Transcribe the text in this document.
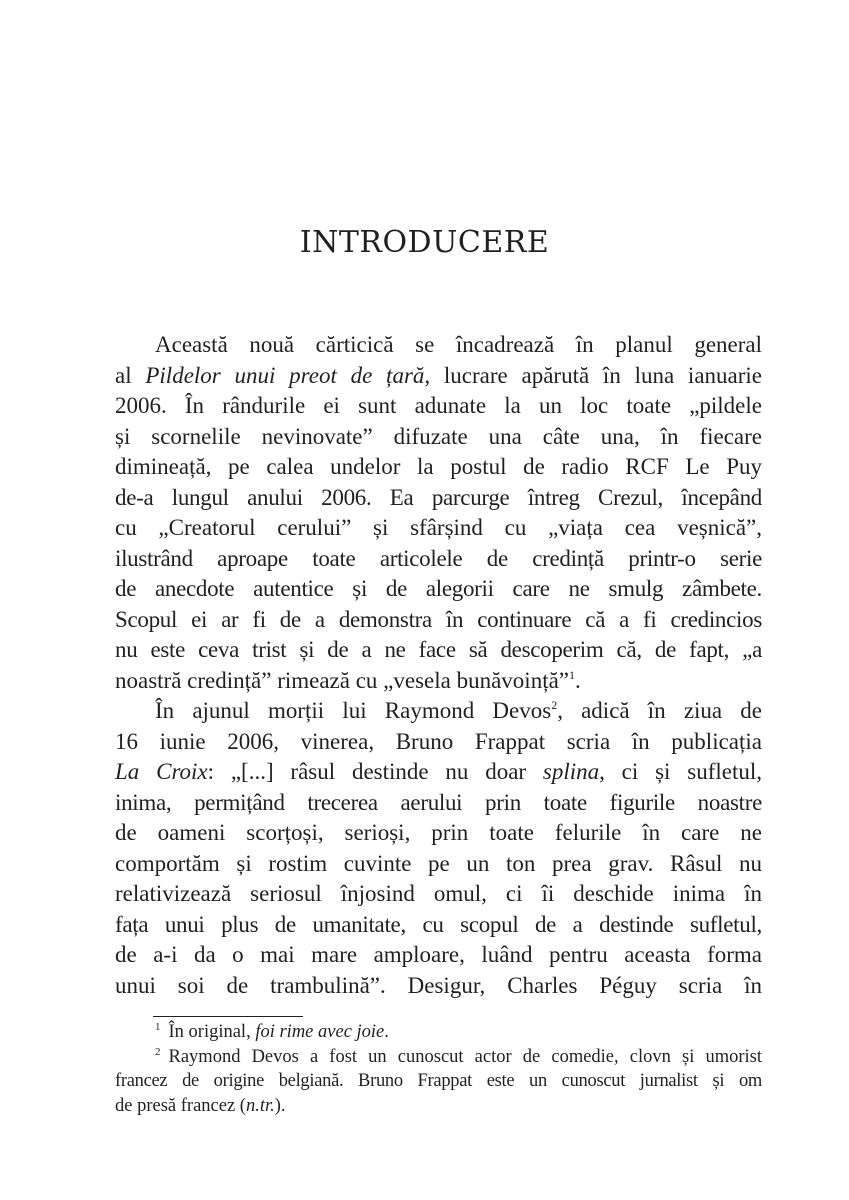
INTRODUCERE
Această nouă cărticică se încadrează în planul general
al Pildelor unui preot de țară, lucrare apărută în luna ianuarie
2006. În rândurile ei sunt adunate la un loc toate „pildele
și scornelile nevinovate” difuzate una câte una, în fiecare
dimineață, pe calea undelor la postul de radio RCF Le Puy
de-a lungul anului 2006. Ea parcurge întreg Crezul, începând
cu „Creatorul cerului” și sfârșind cu „viața cea veșnică”,
ilustrând aproape toate articolele de credință printr-o serie
de anecdote autentice și de alegorii care ne smulg zâmbete.
Scopul ei ar fi de a demonstra în continuare că a fi credincios
nu este ceva trist și de a ne face să descoperim că, de fapt, „a
noastră credință” rimează cu „vesela bunăvoință”$^1$.
În ajunul morții lui Raymond Devos$^2$, adică în ziua de
16 iunie 2006, vinerea, Bruno Frappat scria în publicația
La Croix: „[...] râsul destinde nu doar splina, ci și sufletul,
inima, permițând trecerea aerului prin toate figurile noastre
de oameni scorțoși, serioși, prin toate felurile în care ne
comportăm și rostim cuvinte pe un ton prea grav. Râsul nu
relativizează seriosul înjosind omul, ci îi deschide inima în
fața unui plus de umanitate, cu scopul de a destinde sufletul,
de a-i da o mai mare amploare, luând pentru aceasta forma
unui soi de trambulină”. Desigur, Charles Péguy scria în
$^1$ În original, foi rime avec joie.
$^2$ Raymond Devos a fost un cunoscut actor de comedie, clovn și umorist
francez de origine belgiană. Bruno Frappat este un cunoscut jurnalist și om
de presă francez (n.tr.).
